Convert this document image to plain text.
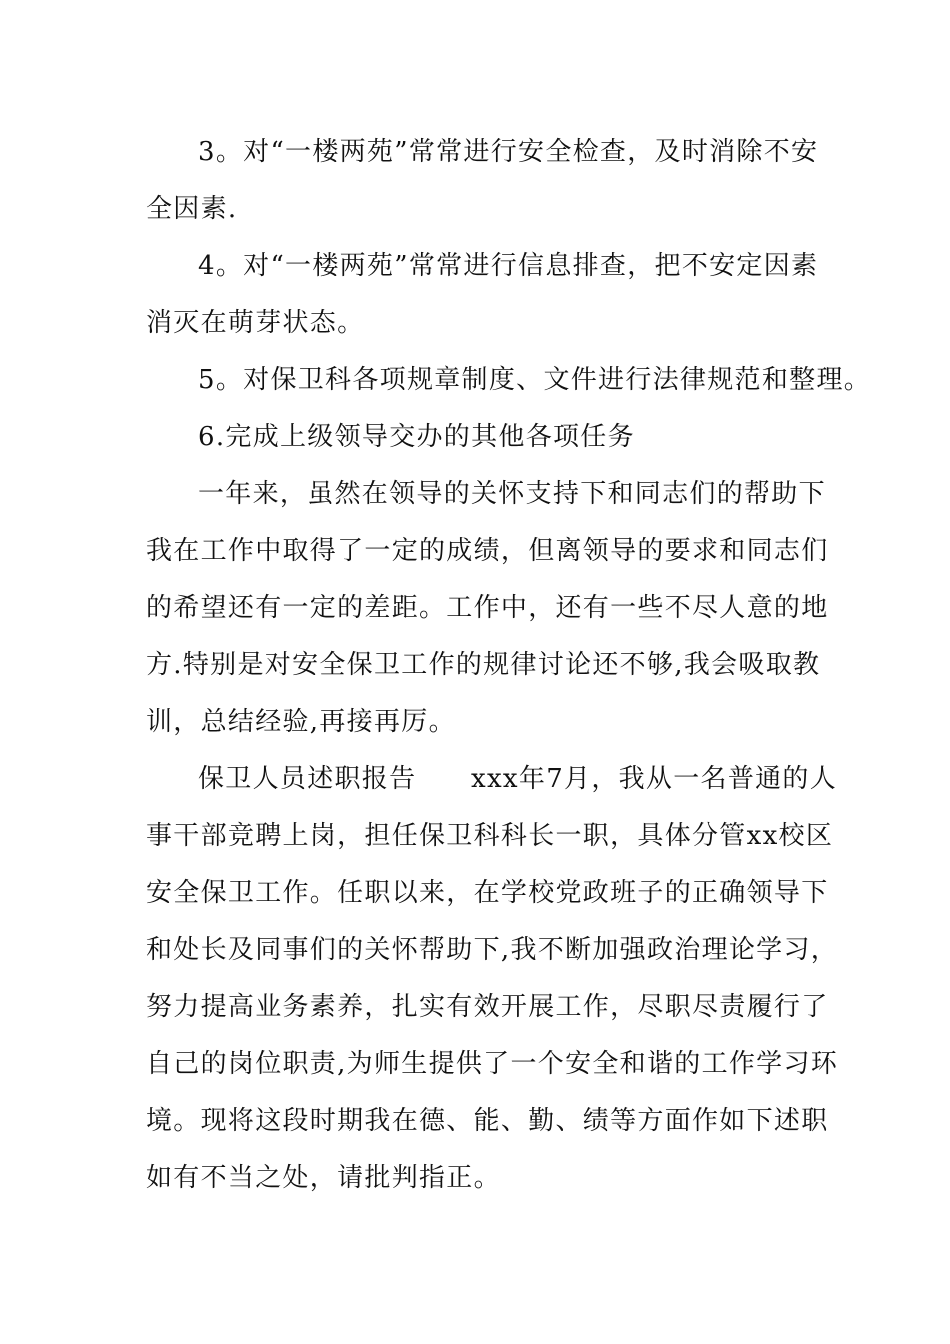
3。对“一楼两苑”常常进行安全检查，及时消除不安
全因素.
4。对“一楼两苑”常常进行信息排查，把不安定因素
消灭在萌芽状态。
5。对保卫科各项规章制度、文件进行法律规范和整理。
6.完成上级领导交办的其他各项任务
一年来，虽然在领导的关怀支持下和同志们的帮助下
我在工作中取得了一定的成绩，但离领导的要求和同志们
的希望还有一定的差距。工作中，还有一些不尽人意的地
方.特别是对安全保卫工作的规律讨论还不够,我会吸取教
训，总结经验,再接再厉。
保卫人员述职报告　　xxx年7月，我从一名普通的人
事干部竞聘上岗，担任保卫科科长一职，具体分管xx校区
安全保卫工作。任职以来，在学校党政班子的正确领导下
和处长及同事们的关怀帮助下,我不断加强政治理论学习，
努力提高业务素养，扎实有效开展工作，尽职尽责履行了
自己的岗位职责,为师生提供了一个安全和谐的工作学习环
境。现将这段时期我在德、能、勤、绩等方面作如下述职
如有不当之处，请批判指正。
